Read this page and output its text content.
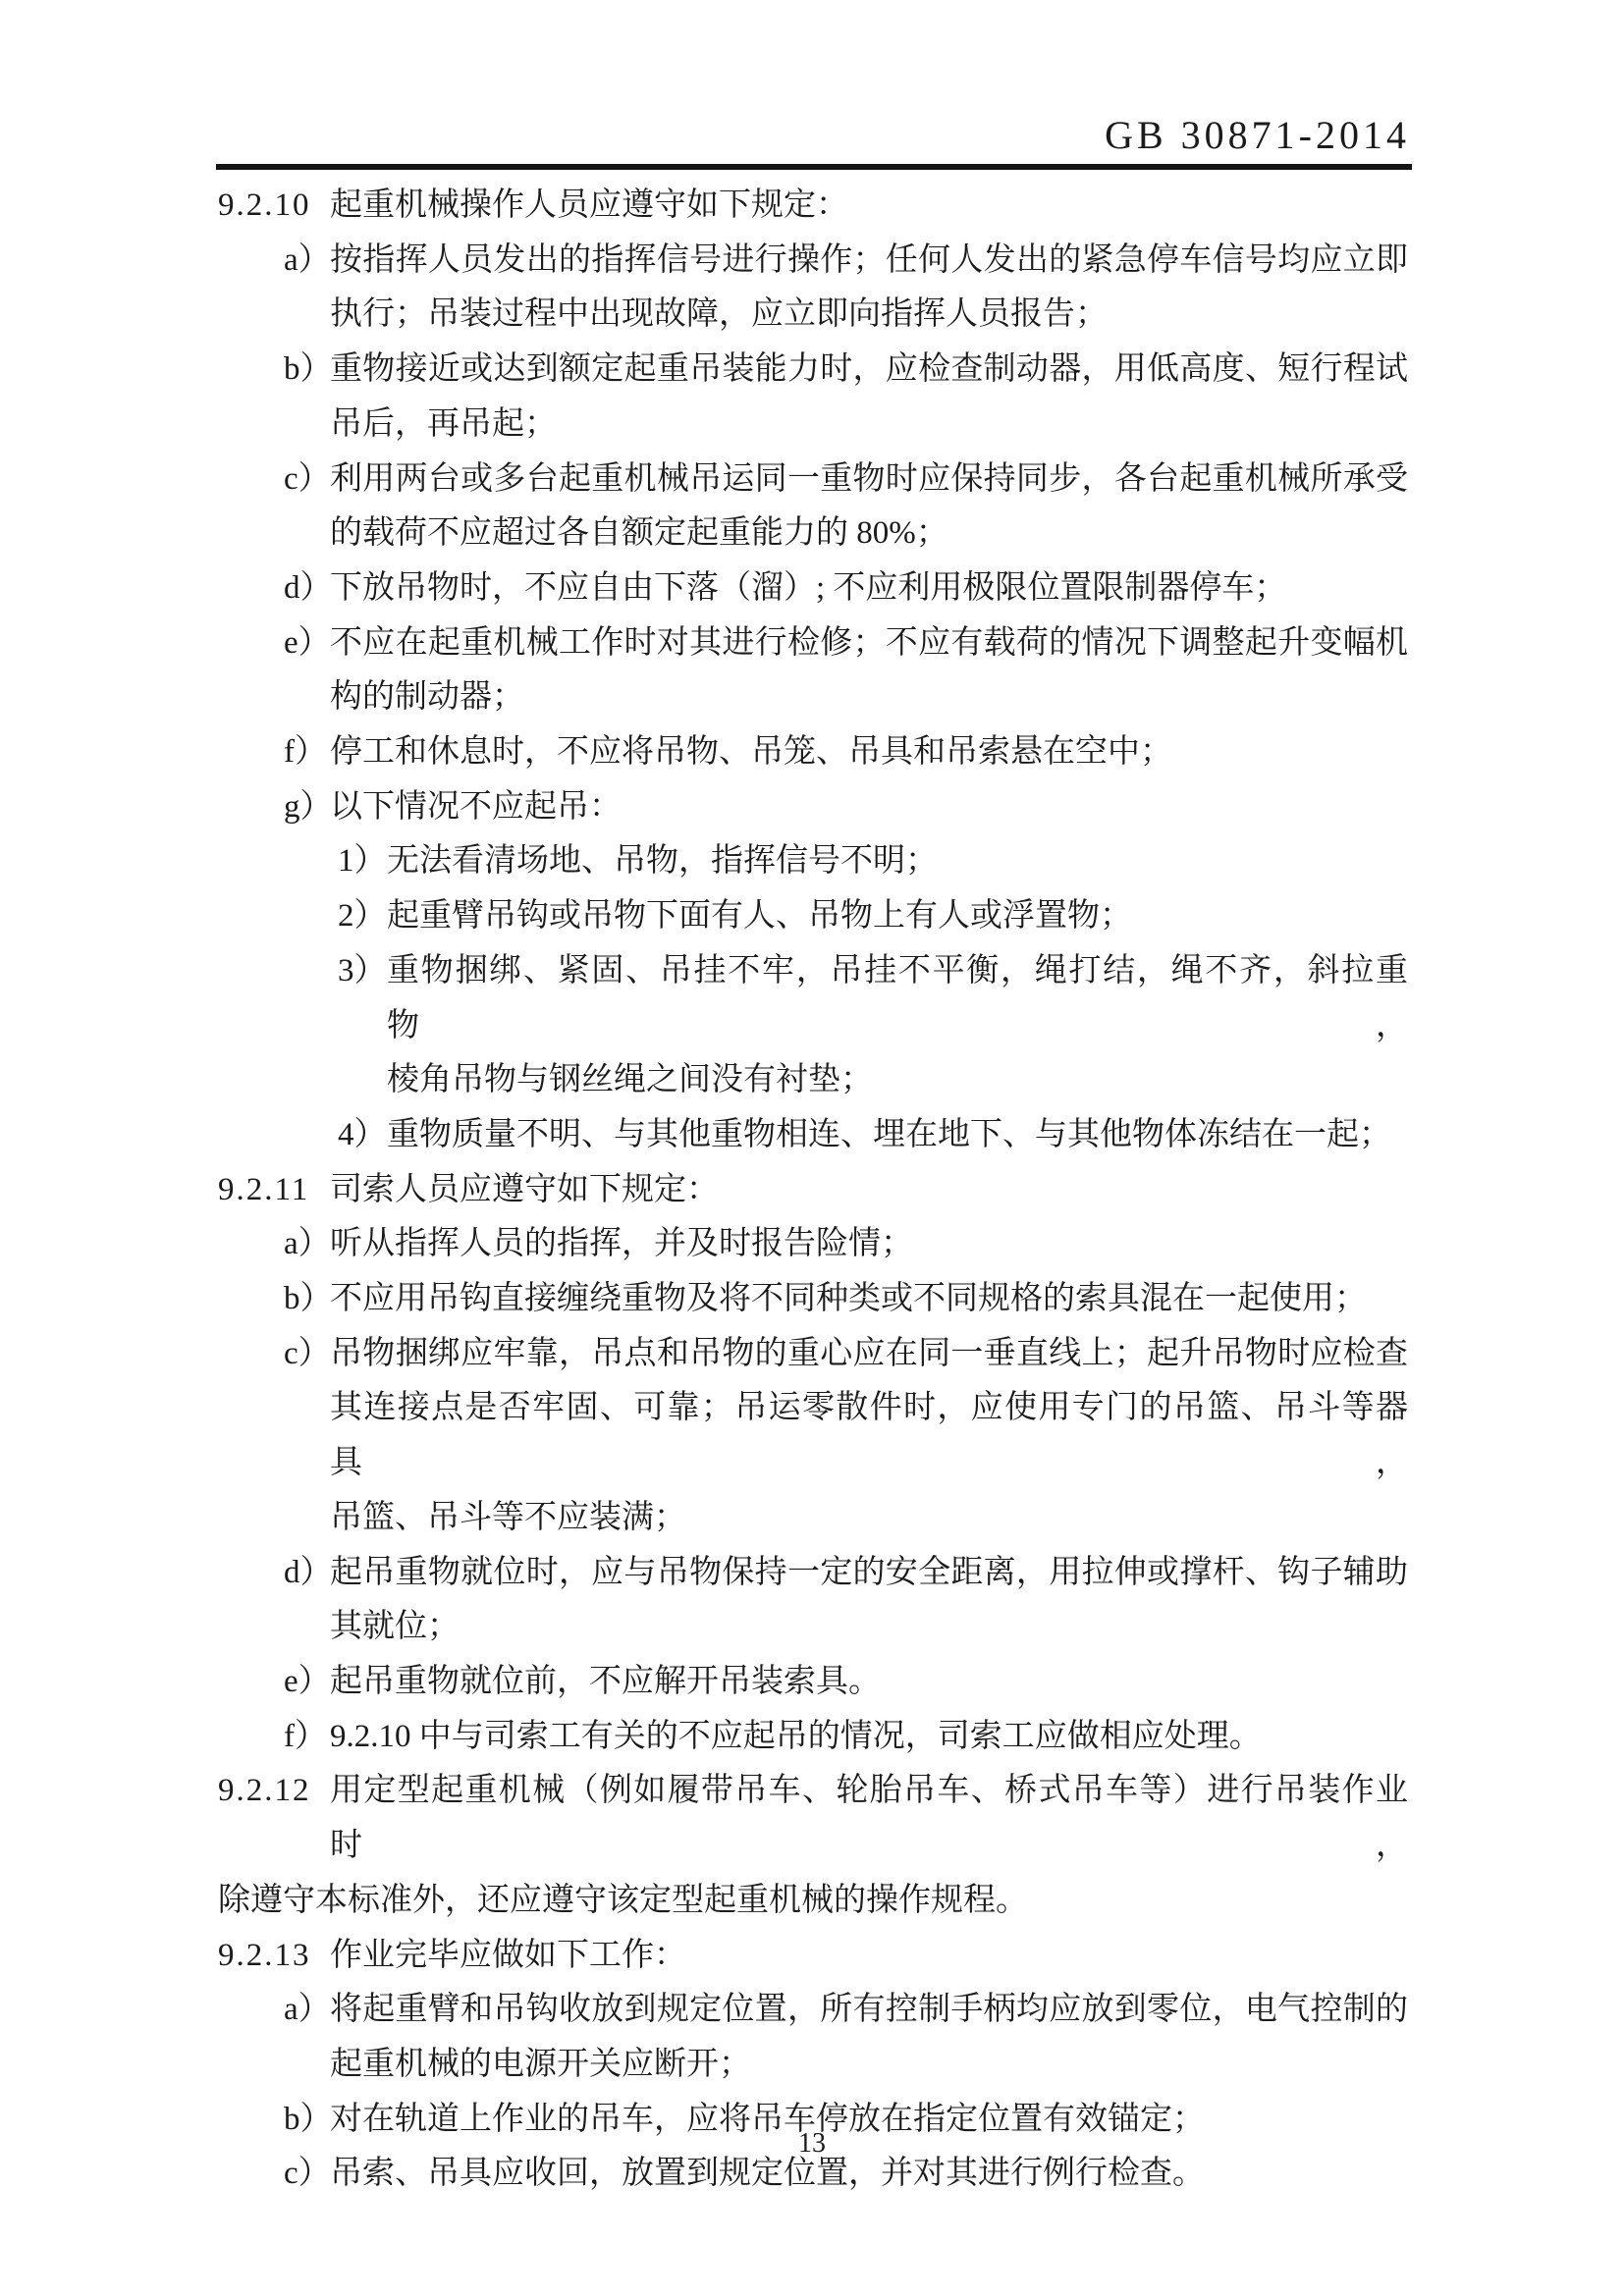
GB 30871-2014
9.2.10 起重机械操作人员应遵守如下规定：
a） 按指挥人员发出的指挥信号进行操作；任何人发出的紧急停车信号均应立即
执行；吊装过程中出现故障，应立即向指挥人员报告；
b）
重物接近或达到额定起重吊装能力时，应检查制动器，用低高度、短行程试
吊后，再吊起；
c） 利用两台或多台起重机械吊运同一重物时应保持同步，各台起重机械所承受
的载荷不应超过各自额定起重能力的 80%；
d）
下放吊物时，不应自由下落（溜）; 不应利用极限位置限制器停车；
e） 不应在起重机械工作时对其进行检修；不应有载荷的情况下调整起升变幅机
构的制动器；
f） 停工和休息时，不应将吊物、吊笼、吊具和吊索悬在空中；
g）
以下情况不应起吊：
1） 无法看清场地、吊物，指挥信号不明；
2） 起重臂吊钩或吊物下面有人、吊物上有人或浮置物；
3） 重物捆绑、紧固、吊挂不牢，吊挂不平衡，绳打结，绳不齐，斜拉重物，
棱角吊物与钢丝绳之间没有衬垫；
4） 重物质量不明、与其他重物相连、埋在地下、与其他物体冻结在一起；
9.2.11 司索人员应遵守如下规定：
a） 听从指挥人员的指挥，并及时报告险情；
b）
不应用吊钩直接缠绕重物及将不同种类或不同规格的索具混在一起使用；
c） 吊物捆绑应牢靠，吊点和吊物的重心应在同一垂直线上；起升吊物时应检查
其连接点是否牢固、可靠；吊运零散件时，应使用专门的吊篮、吊斗等器具，
吊篮、吊斗等不应装满；
d）
起吊重物就位时，应与吊物保持一定的安全距离，用拉伸或撑杆、钩子辅助
其就位；
e） 起吊重物就位前，不应解开吊装索具。
f） 9.2.10 中与司索工有关的不应起吊的情况，司索工应做相应处理。
9.2.12 用定型起重机械（例如履带吊车、轮胎吊车、桥式吊车等）进行吊装作业时，
除遵守本标准外，还应遵守该定型起重机械的操作规程。
9.2.13 作业完毕应做如下工作：
a） 将起重臂和吊钩收放到规定位置，所有控制手柄均应放到零位，电气控制的
起重机械的电源开关应断开；
b）
对在轨道上作业的吊车，应将吊车停放在指定位置有效锚定；
c） 吊索、吊具应收回，放置到规定位置，并对其进行例行检查。
13
